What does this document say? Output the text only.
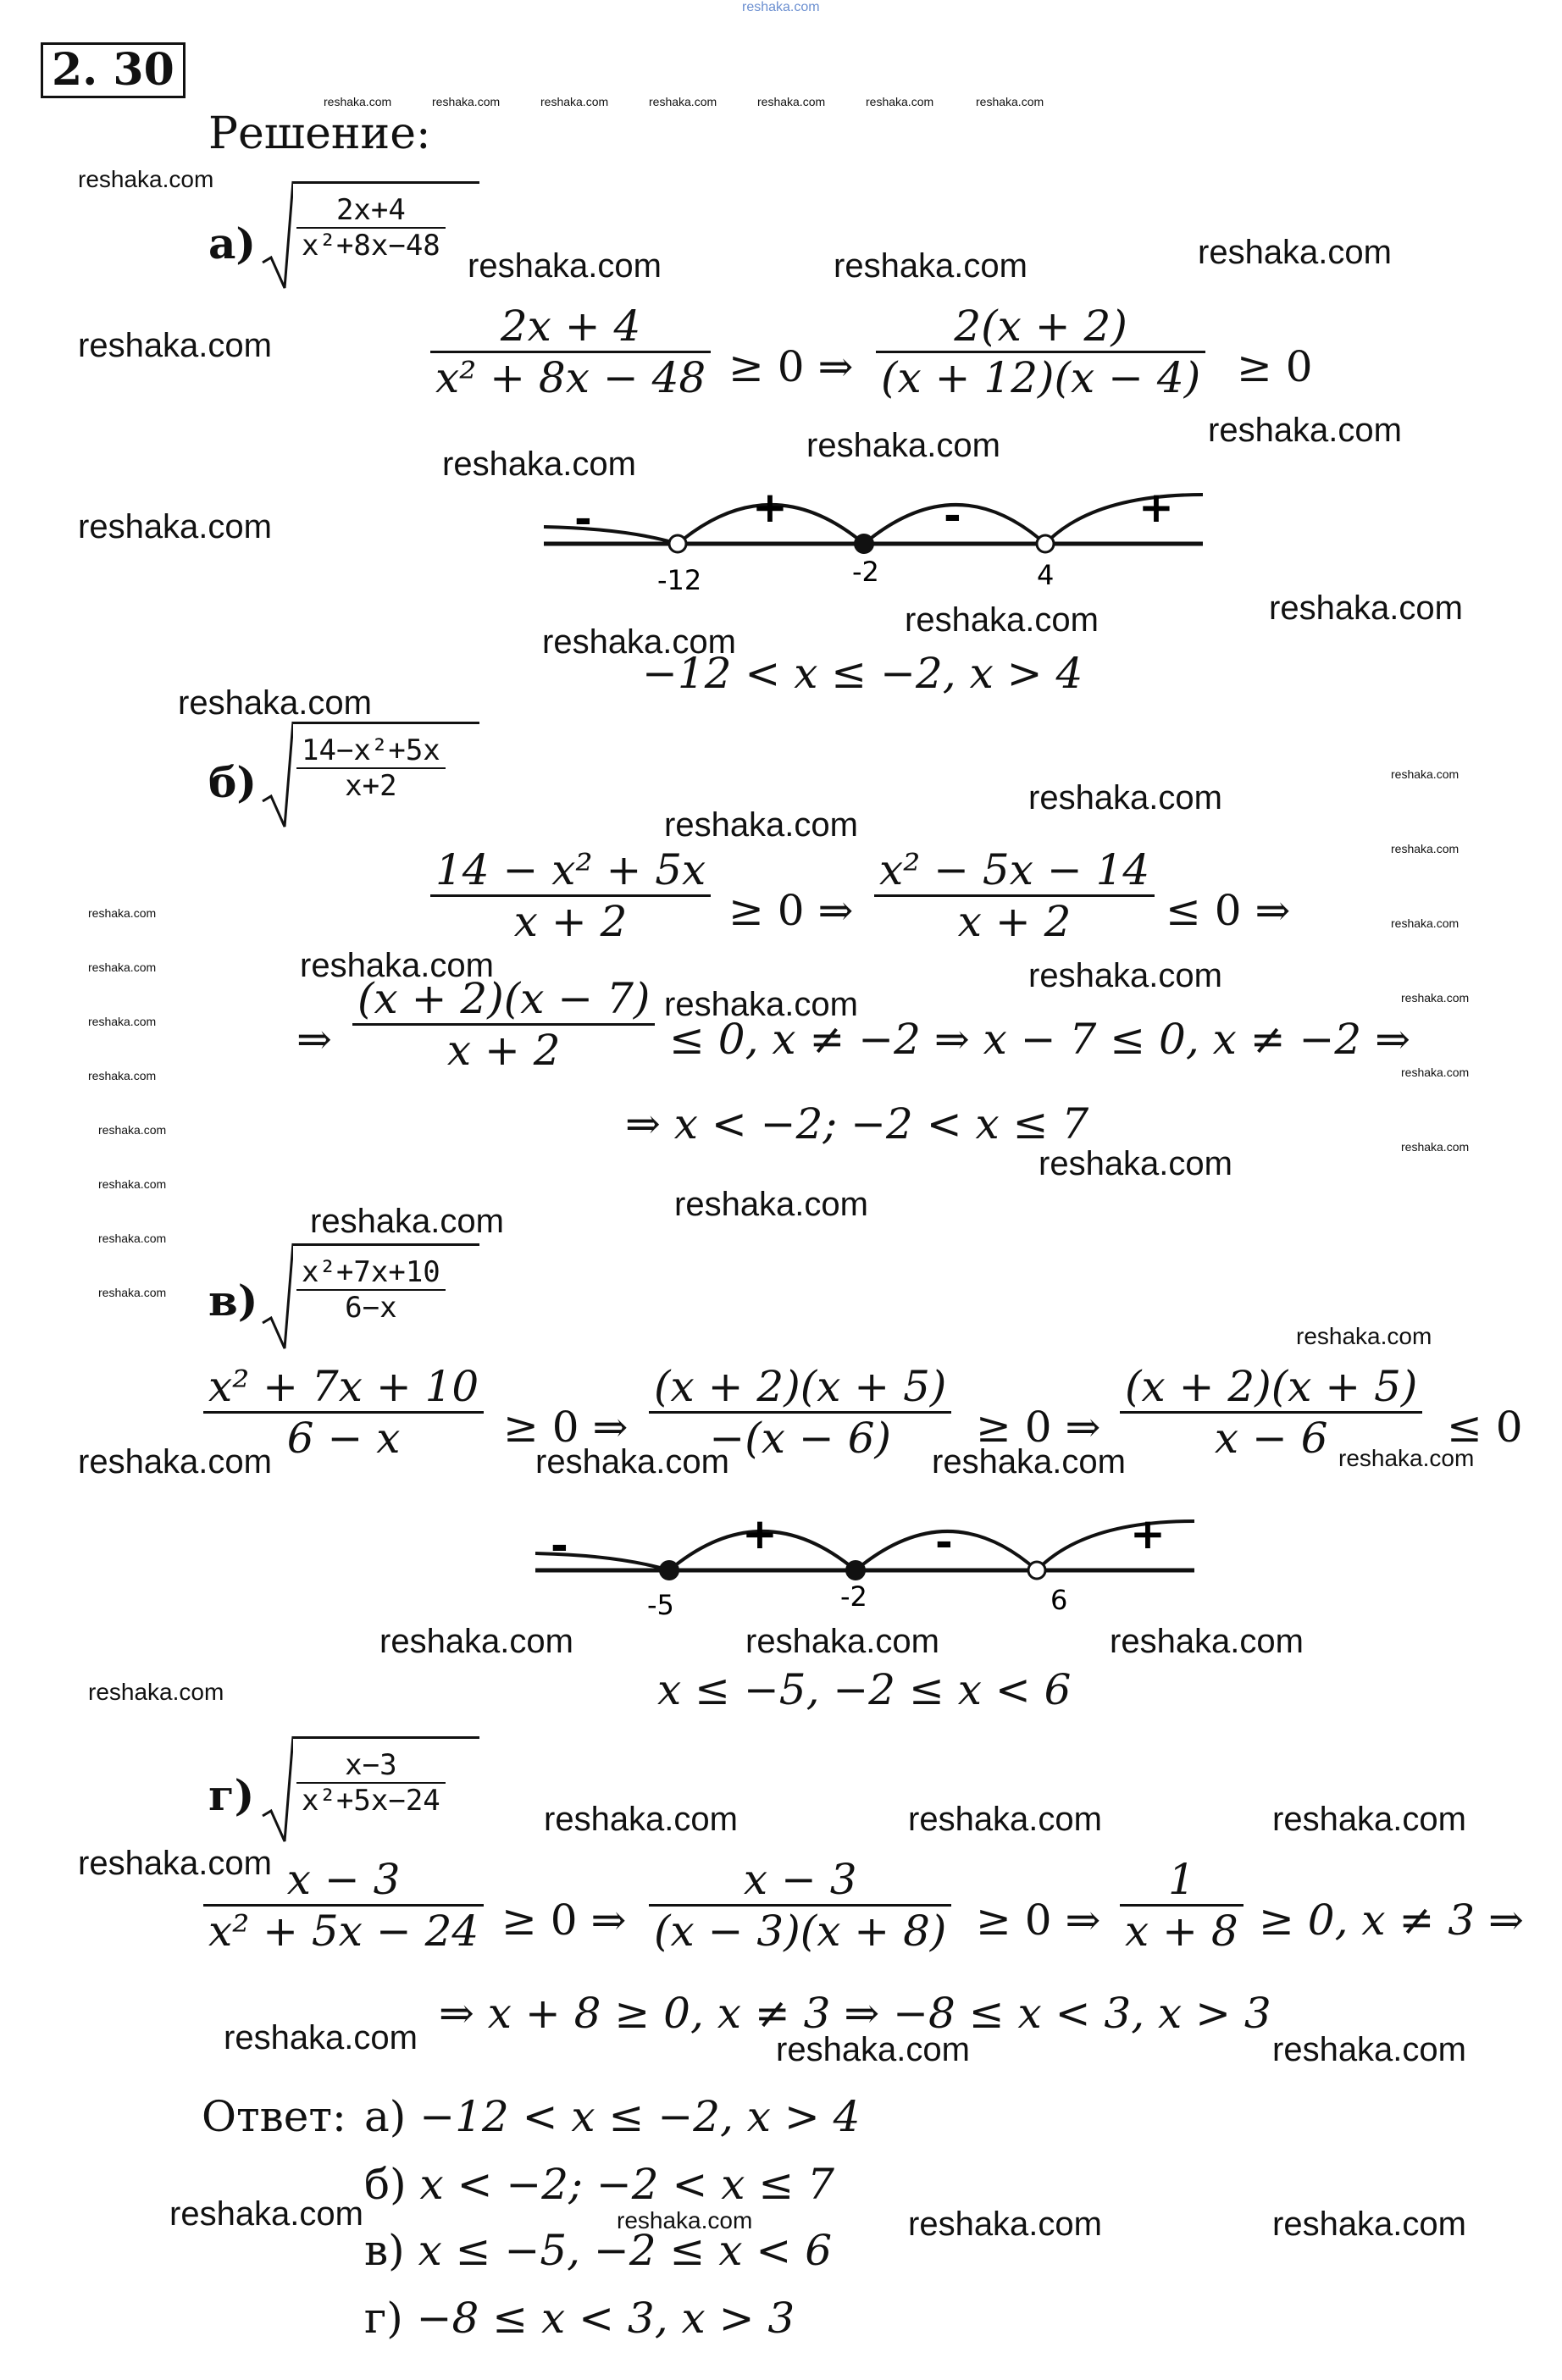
reshaka.com
2. 30
Решение:
а)
2x+4
x²+8x−48
2x + 4
x² + 8x − 48 ≥ 0 ⇒
2(x + 2)
(x + 12)(x − 4) ≥ 0
-	+	-	+
-12	-2	4
−12 < x ≤ −2, x > 4
б)
14−x²+5x
x+2
14 − x² + 5x
x + 2 ≥ 0 ⇒
x² − 5x − 14
x + 2 ≤ 0 ⇒
⇒
(x + 2)(x − 7)
x + 2	≤ 0, x ≠ −2 ⇒ x − 7 ≤ 0, x ≠ −2 ⇒
⇒ x < −2; −2 < x ≤ 7
в)
x²+7x+10
6−x
x² + 7x + 10
6 − x ≥ 0 ⇒
(x + 2)(x + 5)
−(x − 6) ≥ 0 ⇒
(x + 2)(x + 5)
x − 6	≤ 0
-	+	-	+
-5	-2	6
x ≤ −5, −2 ≤ x < 6
г)
x−3
x²+5x−24
x − 3
x² + 5x − 24 ≥ 0 ⇒
x − 3
(x − 3)(x + 8) ≥ 0 ⇒
1
x + 8 ≥ 0, x ≠ 3 ⇒
⇒ x + 8 ≥ 0, x ≠ 3 ⇒ −8 ≤ x < 3, x > 3
Ответ: а) −12 < x ≤ −2, x > 4
б) x < −2; −2 < x ≤ 7
в) x ≤ −5, −2 ≤ x < 6
г) −8 ≤ x < 3, x > 3
reshaka.com
reshaka.com	reshaka.com	reshaka.com
reshaka.com
reshaka.com
reshaka.com
reshaka.com
reshaka.com
reshaka.com	reshaka.com
reshaka.com
reshaka.com
reshaka.com
reshaka.com
reshaka.com
reshaka.com
reshaka.com
reshaka.com
reshaka.com
reshaka.com	reshaka.com	reshaka.com
reshaka.com	reshaka.com	reshaka.com
reshaka.com	reshaka.com	reshaka.com
reshaka.com
reshaka.com	reshaka.com	reshaka.com
reshaka.com	reshaka.com	reshaka.com
reshaka.com
reshaka.com
reshaka.com
reshaka.com
reshaka.com
reshaka.com	reshaka.com	reshaka.com	reshaka.com	reshaka.com	reshaka.com	reshaka.com
reshaka.com
reshaka.com
reshaka.com
reshaka.com
reshaka.com
reshaka.com
reshaka.com
reshaka.com
reshaka.com
reshaka.com
reshaka.com
reshaka.com
reshaka.com
reshaka.com
